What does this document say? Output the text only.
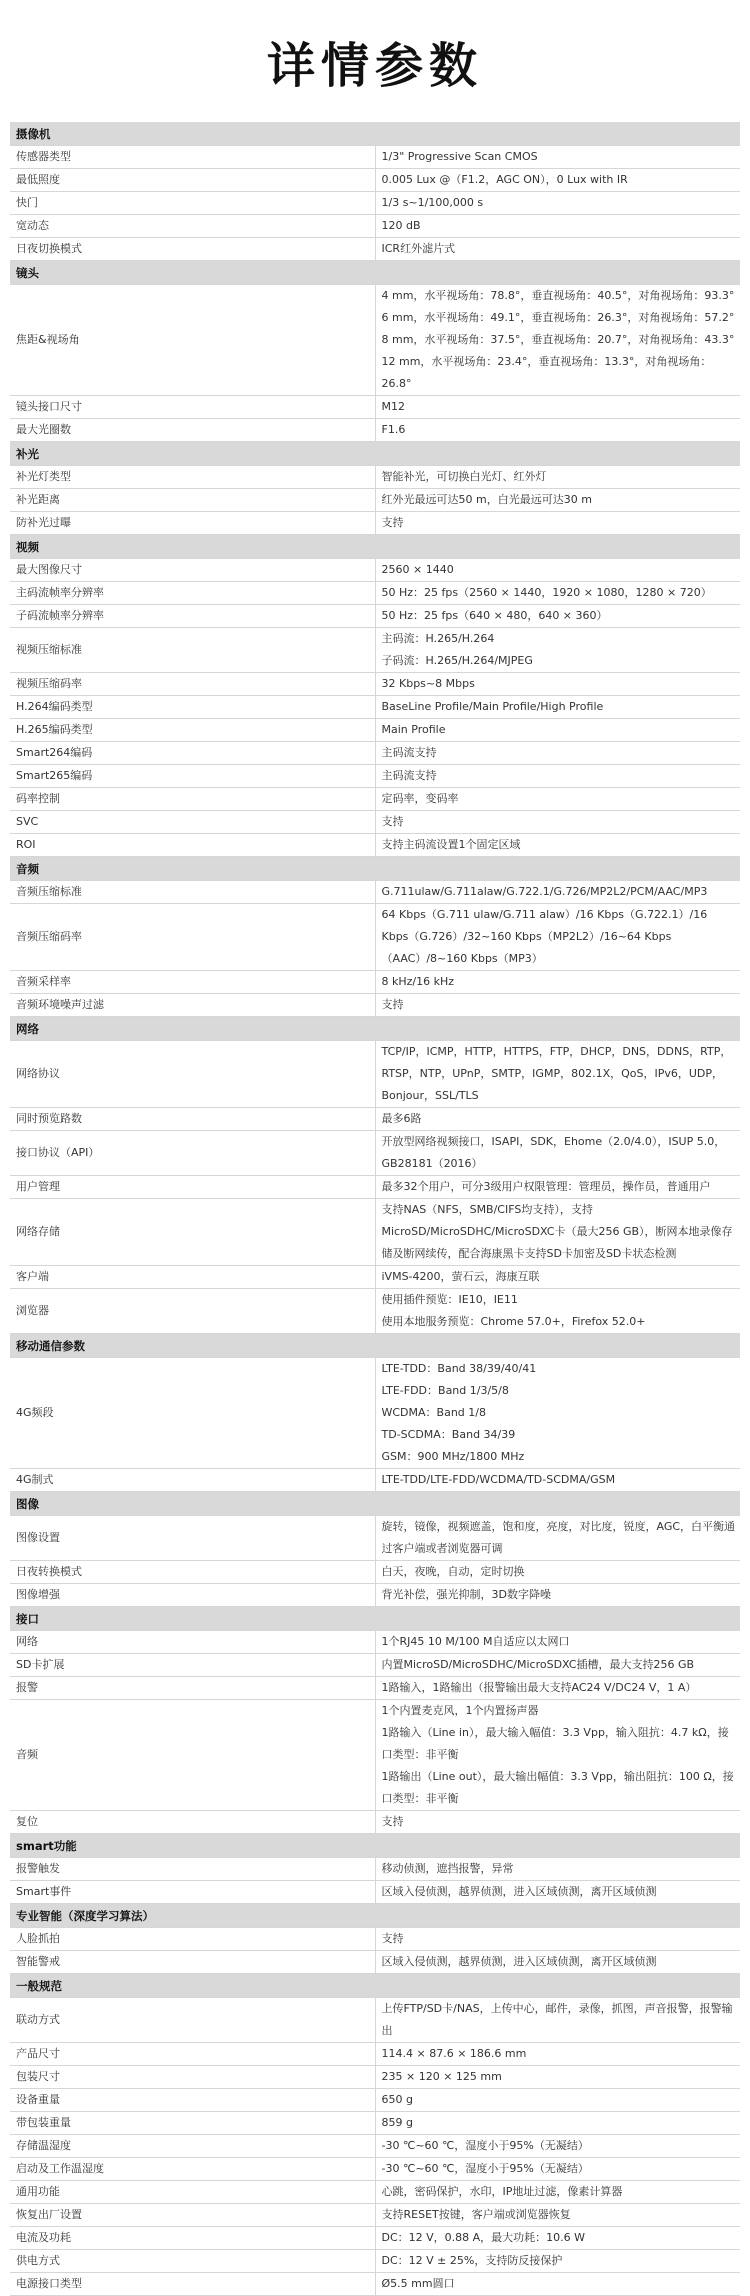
详情参数
摄像机	
传感器类型	1/3" Progressive Scan CMOS

最低照度	0.005 Lux @（F1.2，AGC ON），0 Lux with IR

快门	1/3 s~1/100,000 s

宽动态	120 dB

日夜切换模式	ICR红外滤片式

镜头	
焦距&视场角	4 mm，水平视场角：78.8°，垂直视场角：40.5°，对角视场角：93.3°
6 mm，水平视场角：49.1°，垂直视场角：26.3°，对角视场角：57.2°
8 mm，水平视场角：37.5°，垂直视场角：20.7°，对角视场角：43.3°
12 mm，水平视场角：23.4°，垂直视场角：13.3°，对角视场角：26.8°

镜头接口尺寸	M12

最大光圈数	F1.6

补光	
补光灯类型	智能补光，可切换白光灯、红外灯

补光距离	红外光最远可达50 m，白光最远可达30 m

防补光过曝	支持

视频	
最大图像尺寸	2560 × 1440

主码流帧率分辨率	50 Hz：25 fps（2560 × 1440，1920 × 1080，1280 × 720）

子码流帧率分辨率	50 Hz：25 fps（640 × 480，640 × 360）

视频压缩标准	主码流：H.265/H.264
子码流：H.265/H.264/MJPEG

视频压缩码率	32 Kbps~8 Mbps

H.264编码类型	BaseLine Profile/Main Profile/High Profile

H.265编码类型	Main Profile

Smart264编码	主码流支持

Smart265编码	主码流支持

码率控制	定码率，变码率

SVC	支持

ROI	支持主码流设置1个固定区域

音频	
音频压缩标准	G.711ulaw/G.711alaw/G.722.1/G.726/MP2L2/PCM/AAC/MP3

音频压缩码率	64 Kbps（G.711 ulaw/G.711 alaw）/16 Kbps（G.722.1）/16 Kbps（G.726）/32~160 Kbps（MP2L2）/16~64 Kbps（AAC）/8~160 Kbps（MP3）

音频采样率	8 kHz/16 kHz

音频环境噪声过滤	支持

网络	
网络协议	TCP/IP，ICMP，HTTP，HTTPS，FTP，DHCP，DNS，DDNS，RTP，RTSP，NTP，UPnP，SMTP，IGMP，802.1X，QoS，IPv6，UDP，Bonjour，SSL/TLS

同时预览路数	最多6路

接口协议（API）	开放型网络视频接口，ISAPI，SDK，Ehome（2.0/4.0），ISUP 5.0，GB28181（2016）

用户管理	最多32个用户，可分3级用户权限管理：管理员，操作员，普通用户

网络存储	支持NAS（NFS，SMB/CIFS均支持），支持MicroSD/MicroSDHC/MicroSDXC卡（最大256 GB），断网本地录像存储及断网续传，配合海康黑卡支持SD卡加密及SD卡状态检测

客户端	iVMS-4200，萤石云，海康互联

浏览器	使用插件预览：IE10，IE11
使用本地服务预览：Chrome 57.0+，Firefox 52.0+

移动通信参数	
4G频段	LTE-TDD：Band 38/39/40/41
LTE-FDD：Band 1/3/5/8
WCDMA：Band 1/8
TD-SCDMA：Band 34/39
GSM：900 MHz/1800 MHz

4G制式	LTE-TDD/LTE-FDD/WCDMA/TD-SCDMA/GSM

图像	
图像设置	旋转，镜像，视频遮盖，饱和度，亮度，对比度，锐度，AGC，白平衡通过客户端或者浏览器可调

日夜转换模式	白天，夜晚，自动，定时切换

图像增强	背光补偿，强光抑制，3D数字降噪

接口	
网络	1个RJ45 10 M/100 M自适应以太网口

SD卡扩展	内置MicroSD/MicroSDHC/MicroSDXC插槽，最大支持256 GB

报警	1路输入，1路输出（报警输出最大支持AC24 V/DC24 V，1 A）

音频	1个内置麦克风，1个内置扬声器
1路输入（Line in），最大输入幅值：3.3 Vpp，输入阻抗：4.7 kΩ，接口类型：非平衡
1路输出（Line out），最大输出幅值：3.3 Vpp，输出阻抗：100 Ω，接口类型：非平衡

复位	支持

smart功能	
报警触发	移动侦测，遮挡报警，异常

Smart事件	区域入侵侦测，越界侦测，进入区域侦测，离开区域侦测

专业智能（深度学习算法）	
人脸抓拍	支持

智能警戒	区域入侵侦测，越界侦测，进入区域侦测，离开区域侦测

一般规范	
联动方式	上传FTP/SD卡/NAS，上传中心，邮件，录像，抓图，声音报警，报警输出

产品尺寸	114.4 × 87.6 × 186.6 mm

包装尺寸	235 × 120 × 125 mm

设备重量	650 g

带包装重量	859 g

存储温湿度	-30 ℃~60 ℃，湿度小于95%（无凝结）

启动及工作温湿度	-30 ℃~60 ℃，湿度小于95%（无凝结）

通用功能	心跳，密码保护，水印，IP地址过滤，像素计算器

恢复出厂设置	支持RESET按键，客户端或浏览器恢复

电流及功耗	DC：12 V，0.88 A，最大功耗：10.6 W

供电方式	DC：12 V ± 25%，支持防反接保护

电源接口类型	Ø5.5 mm圆口
